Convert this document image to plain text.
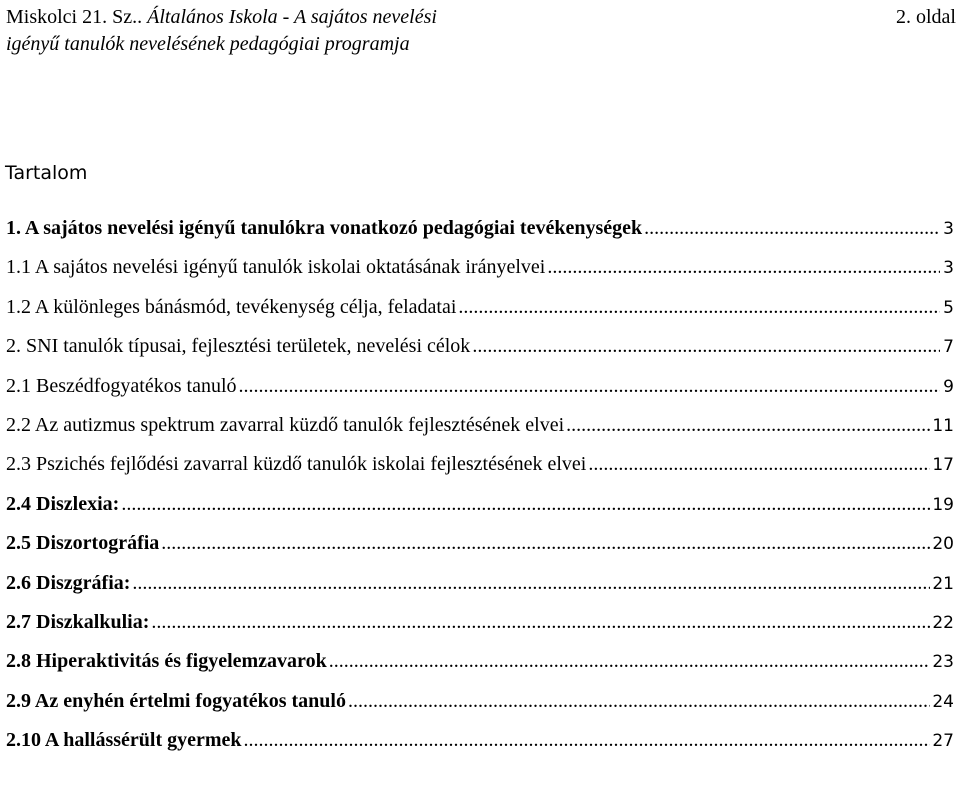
Miskolci 21. Sz.. Általános Iskola - A sajátos nevelési	2. oldal
igényű tanulók nevelésének pedagógiai programja
Tartalom
1. A sajátos nevelési igényű tanulókra vonatkozó pedagógiai tevékenységek .....	3
1.1 A sajátos nevelési igényű tanulók iskolai oktatásának irányelvei .....	3
1.2 A különleges bánásmód, tevékenység célja, feladatai .....	5
2. SNI tanulók típusai, fejlesztési területek, nevelési célok .....	7
2.1 Beszédfogyatékos tanuló .....	9
2.2 Az autizmus spektrum zavarral küzdő tanulók fejlesztésének elvei .....	11
2.3 Pszichés fejlődési zavarral küzdő tanulók iskolai fejlesztésének elvei .....	17
2.4 Diszlexia: .....	19
2.5 Diszortográfia .....	20
2.6 Diszgráfia: .....	21
2.7 Diszkalkulia: .....	22
2.8 Hiperaktivitás és figyelemzavarok .....	23
2.9 Az enyhén értelmi fogyatékos tanuló .....	24
2.10 A hallássérült gyermek .....	27
